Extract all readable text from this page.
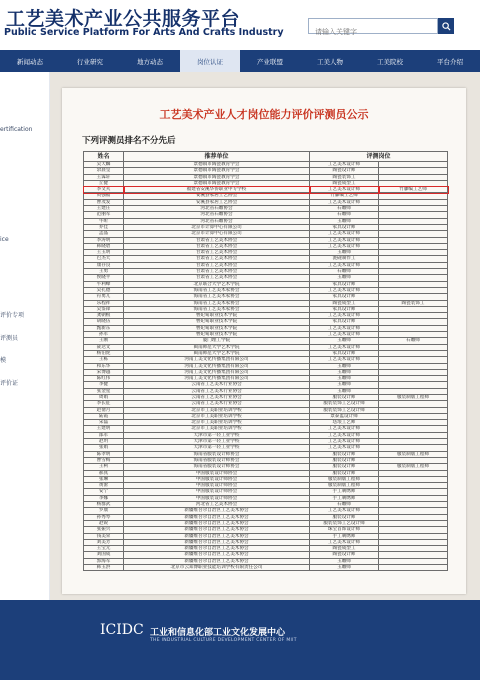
工艺美术产业公共服务平台
Public Service Platform For Arts And Crafts Industry
请输入关键字
新闻动态	行业研究	地方动态	岗位认证	产业联盟	工美人物	工美院校	平台介绍
ertification
ice
评价专项
评测员
模
评价证
工艺美术产业人才岗位能力评价评测员公示
下列评测员排名不分先后
姓名	推荐单位	评测岗位	
吴天麟	景德镇市陶瓷教育学会	工艺美术设计师	
余晨莹	景德镇市陶瓷教育学会	陶瓷设计师	
王霁轩	景德镇市陶瓷教育学会	陶瓷装饰工	
丘健	景德镇市陶瓷教育学会	陶瓷成型工	
李文夫	福建省安溪华侨职业中专学校	工艺美术设计师	竹藤编工艺师
黄强福	安溪县家居工艺协会	竹藤编工艺师	
曹茂发	安溪县家居工艺协会	工艺美术设计师	
王建庄	河北省石雕协会	石雕师	
范丽军	河北省石雕协会	石雕师	
牛昕	河北省石雕协会	玉雕师	
乔佳	北京市计算中心有限公司	家具设计师	
孟晶	北京市计算中心有限公司	工艺美术设计师	
李涛明	甘肃省工艺美术协会	工艺美术设计师	
韩晓碧	甘肃省工艺美术协会	工艺美术设计师	
王玉明	甘肃省工艺美术协会	玉雕师	
巴杰天	甘肃省工艺美术协会	洮砚制作工	
康存良	甘肃省工艺美术协会	工艺美术设计师	
王勇	甘肃省工艺美术协会	石雕师	
侯晓平	甘肃省工艺美术协会	玉雕师	
牛利峰	北京联合大学艺术学院	家具设计师	
吴孔德	海南省工艺美术家协会	工艺美术设计师	
符勇儿	海南省工艺美术家协会	家具设计师	
乐程祥	海南省工艺美术家协会	陶瓷成型工	陶瓷装饰工
吴鉴锋	海南省工艺美术家协会	家具设计师	
龚朝根	曹妃甸职业技术学院	工艺美术设计师	
胡晓伍	曹妃甸职业技术学院	家具设计师	
甄新东	曹妃甸职业技术学院	工艺美术设计师	
孙军	曹妃甸职业技术学院	工艺美术设计师	
王刚	厦门理工学院	玉雕师	石雕师
聂达文	闽南师范大学艺术学院	工艺美术设计师	
杨伯虎	闽南师范大学艺术学院	家具设计师	
王栋	河南工美文化传播集团有限公司	工艺美术设计师	
和东华	河南工美文化传播集团有限公司	玉雕师	
宋博越	河南工美文化传播集团有限公司	玉雕师	
陈红伟	河南工美文化传播集团有限公司	玉雕师	
李健	云南省工艺美术行业协会	玉雕师	
张金星	云南省工艺美术行业协会	玉雕师	
周娟	云南省工艺美术行业协会	服装设计师	服装制版工程师
李长征	云南省工艺美术行业协会	服装装饰工艺设计师	
赵倩月	北京市工美职业培训学校	服装装饰工艺设计师	
陆霞	北京市工美职业培训学校	景泰蓝设计师	
宋磊	北京市工美职业培训学校	珐琅工艺师	
王建明	北京市工美职业培训学校	工艺美术设计师	
邵军	天津市第一轻工业学校	工艺美术设计师	
赵玥	天津市第一轻工业学校	工艺美术设计师	
张娟	天津市第一轻工业学校	工艺美术设计师	
陈孝明	海南省服装设计师协会	服装设计师	服装制版工程师
曹雪梅	海南省服装设计师协会	服装设计师	
王柯	海南省服装设计师协会	服装设计师	服装制版工程师
郝真	中国服装设计师协会	服装设计师	
张琳	中国服装设计师协会	服装制版工程师	
黄蕾	中国服装设计师协会	服装制版工程师	
安宁	中国服装设计师协会	手工刺绣师	
李娜	中国服装设计师协会	手工刺绣师	
杨群武	河北省工艺美术协会	石雕师	
罗康	新疆维吾尔自治区工艺美术协会	工艺美术设计师	
孙秀琴	新疆维吾尔自治区工艺美术协会	服装设计师	
赵锐	新疆维吾尔自治区工艺美术协会	服装装饰工艺设计师	
张振兴	新疆维吾尔自治区工艺美术协会	珠宝首饰设计师	
钱美荣	新疆维吾尔自治区工艺美术协会	手工刺绣师	
刘美芳	新疆维吾尔自治区工艺美术协会	工艺美术设计师	
王宝元	新疆维吾尔自治区工艺美术协会	陶瓷成型工	
刘国成	新疆维吾尔自治区工艺美术协会	陶瓷设计师	
郭海军	新疆维吾尔自治区工艺美术协会	玉雕师	
韩玉洪	北京市云知博职业技能培训学校有限责任公司	玉雕师	
ICIDC 工业和信息化部工业文化发展中心
THE INDUSTRIAL CULTURE DEVELOPMENT CENTER OF MIIT
